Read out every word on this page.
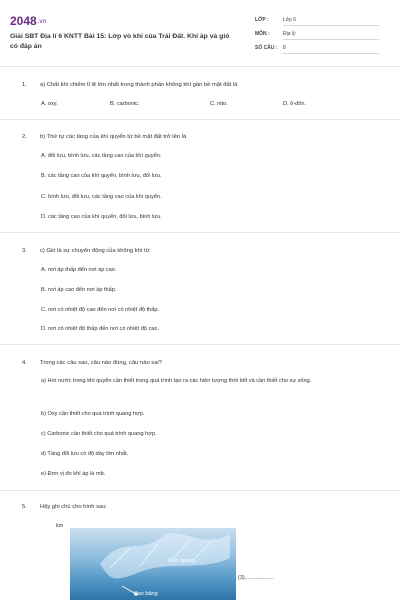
2048.vn
Giải SBT Địa lí 6 KNTT Bài 15: Lớp vỏ khí của Trái Đất. Khí áp và gió có đáp án
LỚP :	Lớp 6
MÔN :	Địa lý
SỐ CÂU : 8
1. a) Chất khí chiếm tỉ lệ lớn nhất trong thành phần không khí gần bề mặt đất là
A. oxy.	B. carbonic.	C. nito.	D. ô-dôn.
2. b) Thứ tự các tầng của khí quyển từ bề mặt đất trở lên là
A. đối lưu, bình lưu, các tầng cao của khí quyển.
B. các tầng cao của khí quyển, bình lưu, đối lưu.
C. bình lưu, đối lưu, các tầng cao của khí quyển.
D. các tầng cao của khí quyển, đối lưu, bình lưu.
3. c) Gió là sự chuyển động của không khí từ
A. nơi áp thấp đến nơi áp cao.
B. nơi áp cao đến nơi áp thấp.
C. nơi có nhiệt độ cao đến nơi có nhiệt độ thấp.
D. nơi có nhiệt độ thấp đến nơi có nhiệt độ cao.
4. Trong các câu sau, câu nào đúng, câu nào sai?
a) Hơi nước trong khí quyển cần thiết trong quá trình tạo ra các hiện tượng thời tiết và cần thiết cho sự sống.
b) Oxy cần thiết cho quá trình quang hợp.
c) Carbonic cần thiết cho quá trình quang hợp.
d) Tầng đối lưu có độ dày lớn nhất.
e) Đơn vị đo khí áp là mb.
5. Hãy ghi chú cho hình sau:
km
Cực quang
Sao băng
(3)...................
